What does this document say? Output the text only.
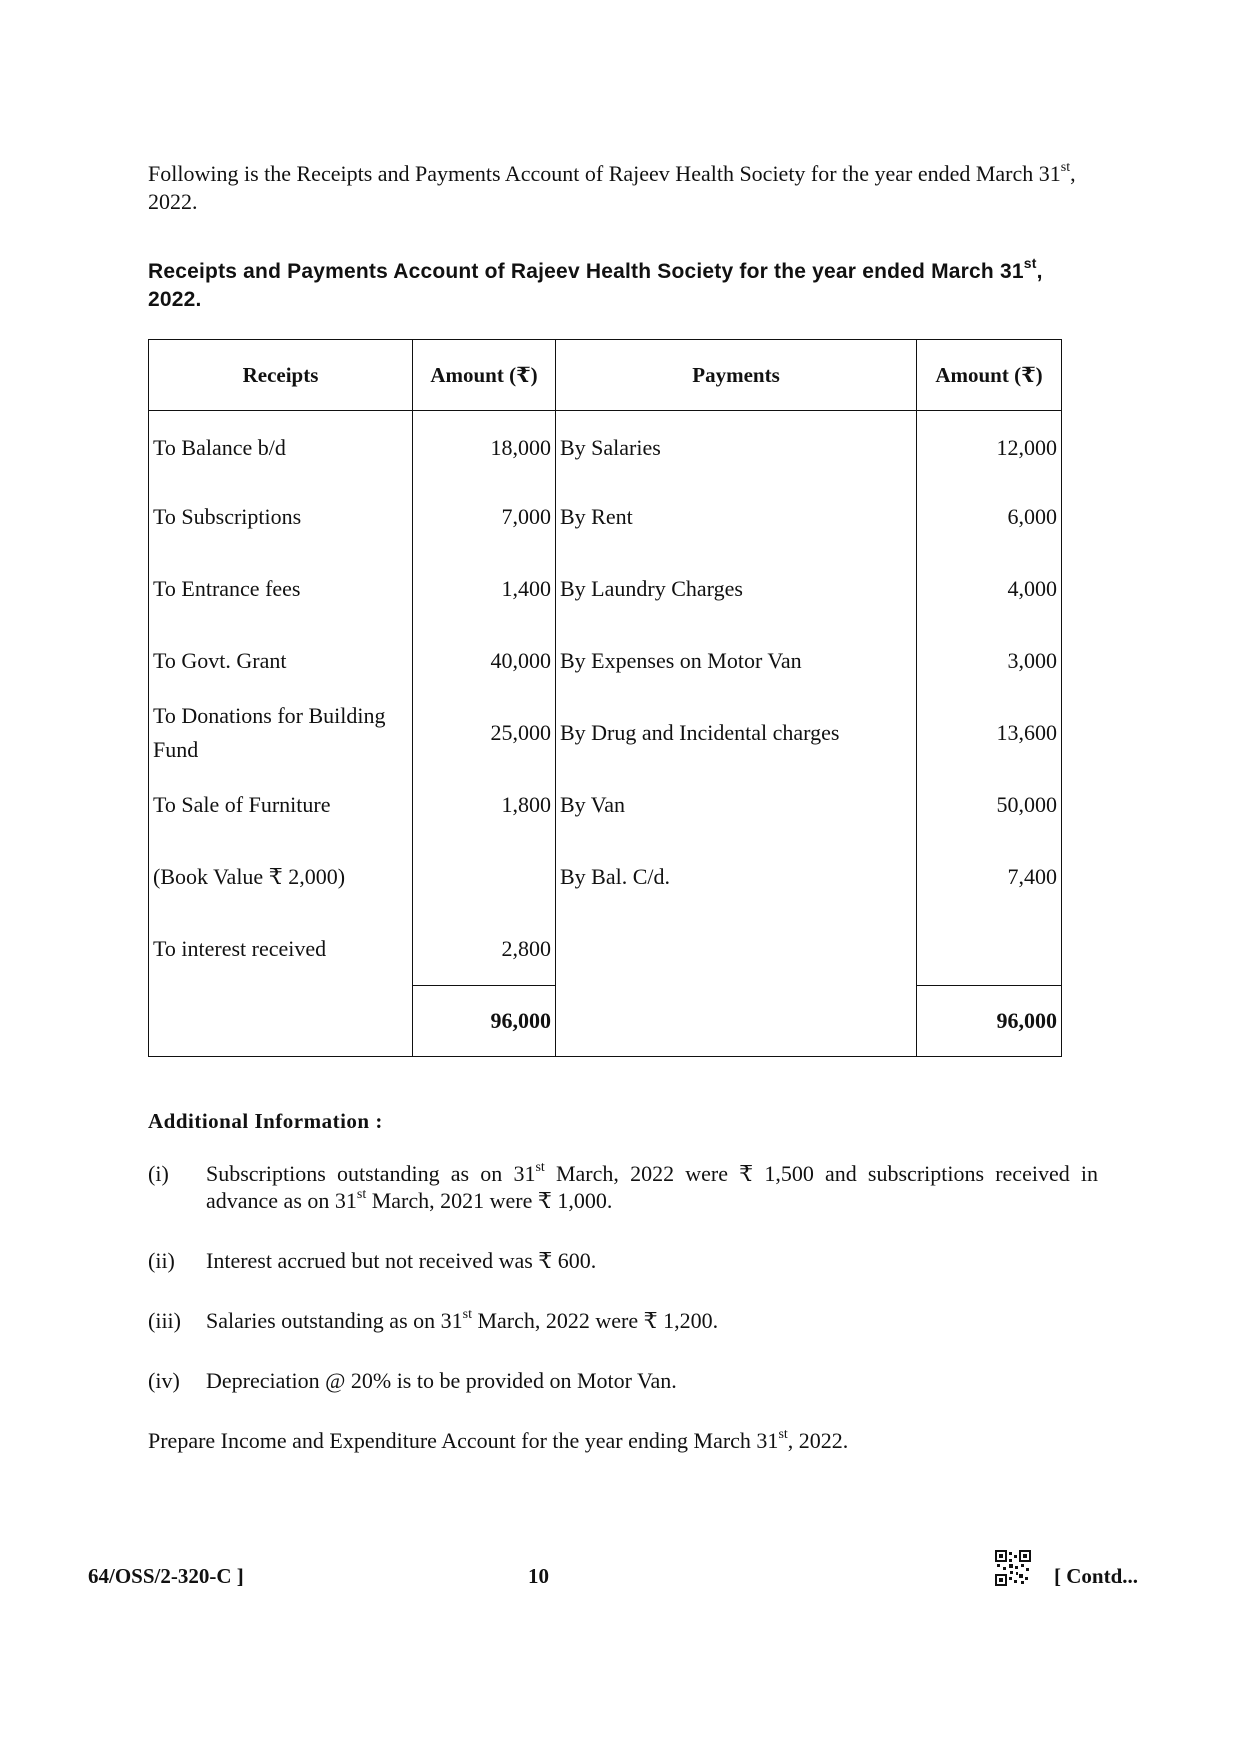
Following is the Receipts and Payments Account of Rajeev Health Society for the year ended March 31st, 2022.

Receipts and Payments Account of Rajeev Health Society for the year ended March 31st, 2022.

Receipts	Amount (₹)	Payments	Amount (₹)
To Balance b/d	18,000	By Salaries	12,000
To Subscriptions	7,000	By Rent	6,000
To Entrance fees	1,400	By Laundry Charges	4,000
To Govt. Grant	40,000	By Expenses on Motor Van	3,000
To Donations for Building Fund	25,000	By Drug and Incidental charges	13,600
To Sale of Furniture	1,800	By Van	50,000
(Book Value ₹ 2,000)		By Bal. C/d.	7,400
To interest received	2,800		
	96,000		96,000
Additional Information :
(i)	Subscriptions outstanding as on 31st March, 2022 were ₹ 1,500 and subscriptions received in advance as on 31st March, 2021 were ₹ 1,000.
(ii)	Interest accrued but not received was ₹ 600.
(iii)	Salaries outstanding as on 31st March, 2022 were ₹ 1,200.
(iv)	Depreciation @ 20% is to be provided on Motor Van.

Prepare Income and Expenditure Account for the year ending March 31st, 2022.

64/OSS/2-320-C ]	10	[ Contd...
